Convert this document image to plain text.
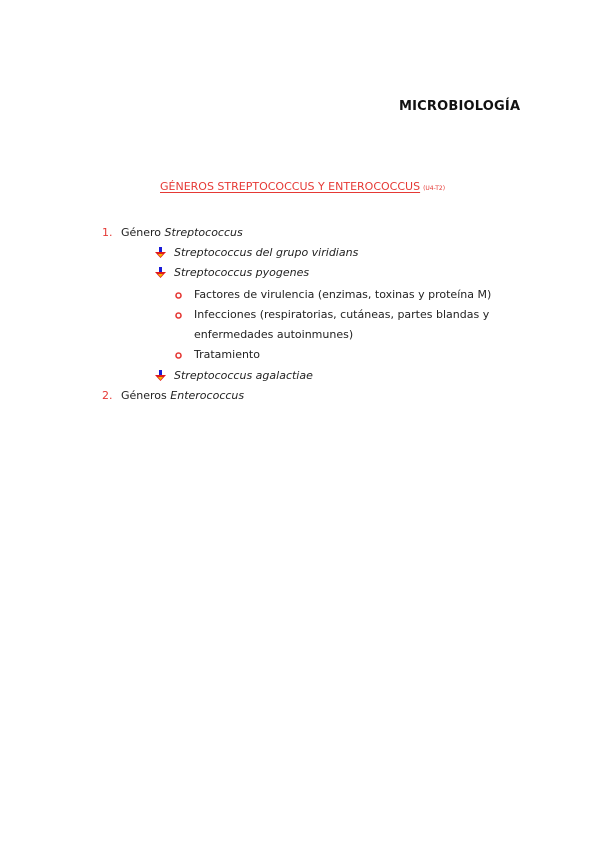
MICROBIOLOGÍA
GÉNEROS STREPTOCOCCUS Y ENTEROCOCCUS (U4-T2)
1. Género Streptococcus
Streptococcus del grupo viridians
Streptococcus pyogenes
Factores de virulencia (enzimas, toxinas y proteína M)
Infecciones (respiratorias, cutáneas, partes blandas y
enfermedades autoinmunes)
Tratamiento
Streptococcus agalactiae
2. Géneros Enterococcus
